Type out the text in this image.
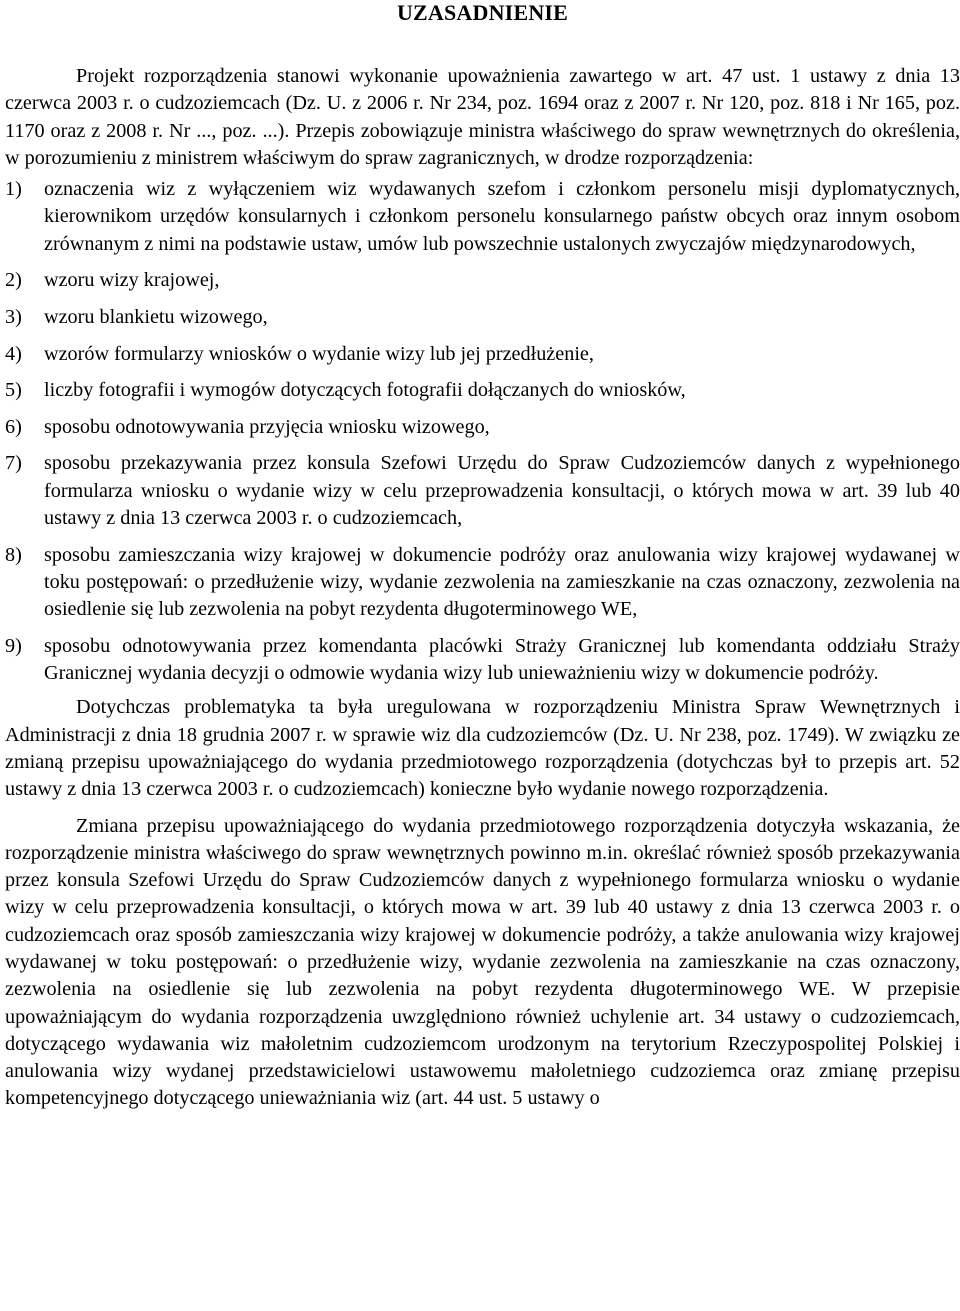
UZASADNIENIE

Projekt rozporządzenia stanowi wykonanie upoważnienia zawartego w art. 47 ust. 1 ustawy z dnia 13 czerwca 2003 r. o cudzoziemcach (Dz. U. z 2006 r. Nr 234, poz. 1694 oraz z 2007 r. Nr 120, poz. 818 i Nr 165, poz. 1170 oraz z 2008 r. Nr ..., poz. ...). Przepis zobowiązuje ministra właściwego do spraw wewnętrznych do określenia, w porozumieniu z ministrem właściwym do spraw zagranicznych, w drodze rozporządzenia:

1)	oznaczenia wiz z wyłączeniem wiz wydawanych szefom i członkom personelu misji dyplomatycznych, kierownikom urzędów konsularnych i członkom personelu konsularnego państw obcych oraz innym osobom zrównanym z nimi na podstawie ustaw, umów lub powszechnie ustalonych zwyczajów międzynarodowych,
2)	wzoru wizy krajowej,
3)	wzoru blankietu wizowego,
4)	wzorów formularzy wniosków o wydanie wizy lub jej przedłużenie,
5)	liczby fotografii i wymogów dotyczących fotografii dołączanych do wniosków,
6)	sposobu odnotowywania przyjęcia wniosku wizowego,
7)	sposobu przekazywania przez konsula Szefowi Urzędu do Spraw Cudzoziemców danych z wypełnionego formularza wniosku o wydanie wizy w celu przeprowadzenia konsultacji, o których mowa w art. 39 lub 40 ustawy z dnia 13 czerwca 2003 r. o cudzoziemcach,
8)	sposobu zamieszczania wizy krajowej w dokumencie podróży oraz anulowania wizy krajowej wydawanej w toku postępowań: o przedłużenie wizy, wydanie zezwolenia na zamieszkanie na czas oznaczony, zezwolenia na osiedlenie się lub zezwolenia na pobyt rezydenta długoterminowego WE,
9)	sposobu odnotowywania przez komendanta placówki Straży Granicznej lub komendanta oddziału Straży Granicznej wydania decyzji o odmowie wydania wizy lub unieważnieniu wizy w dokumencie podróży.

Dotychczas problematyka ta była uregulowana w rozporządzeniu Ministra Spraw Wewnętrznych i Administracji z dnia 18 grudnia 2007 r. w sprawie wiz dla cudzoziemców (Dz. U. Nr 238, poz. 1749). W związku ze zmianą przepisu upoważniającego do wydania przedmiotowego rozporządzenia (dotychczas był to przepis art. 52 ustawy z dnia 13 czerwca 2003 r. o cudzoziemcach) konieczne było wydanie nowego rozporządzenia.

Zmiana przepisu upoważniającego do wydania przedmiotowego rozporządzenia dotyczyła wskazania, że rozporządzenie ministra właściwego do spraw wewnętrznych powinno m.in. określać również sposób przekazywania przez konsula Szefowi Urzędu do Spraw Cudzoziemców danych z wypełnionego formularza wniosku o wydanie wizy w celu przeprowadzenia konsultacji, o których mowa w art. 39 lub 40 ustawy z dnia 13 czerwca 2003 r. o cudzoziemcach oraz sposób zamieszczania wizy krajowej w dokumencie podróży, a także anulowania wizy krajowej wydawanej w toku postępowań: o przedłużenie wizy, wydanie zezwolenia na zamieszkanie na czas oznaczony, zezwolenia na osiedlenie się lub zezwolenia na pobyt rezydenta długoterminowego WE. W przepisie upoważniającym do wydania rozporządzenia uwzględniono również uchylenie art. 34 ustawy o cudzoziemcach, dotyczącego wydawania wiz małoletnim cudzoziemcom urodzonym na terytorium Rzeczypospolitej Polskiej i anulowania wizy wydanej przedstawicielowi ustawowemu małoletniego cudzoziemca oraz zmianę przepisu kompetencyjnego dotyczącego unieważniania wiz (art. 44 ust. 5 ustawy o
